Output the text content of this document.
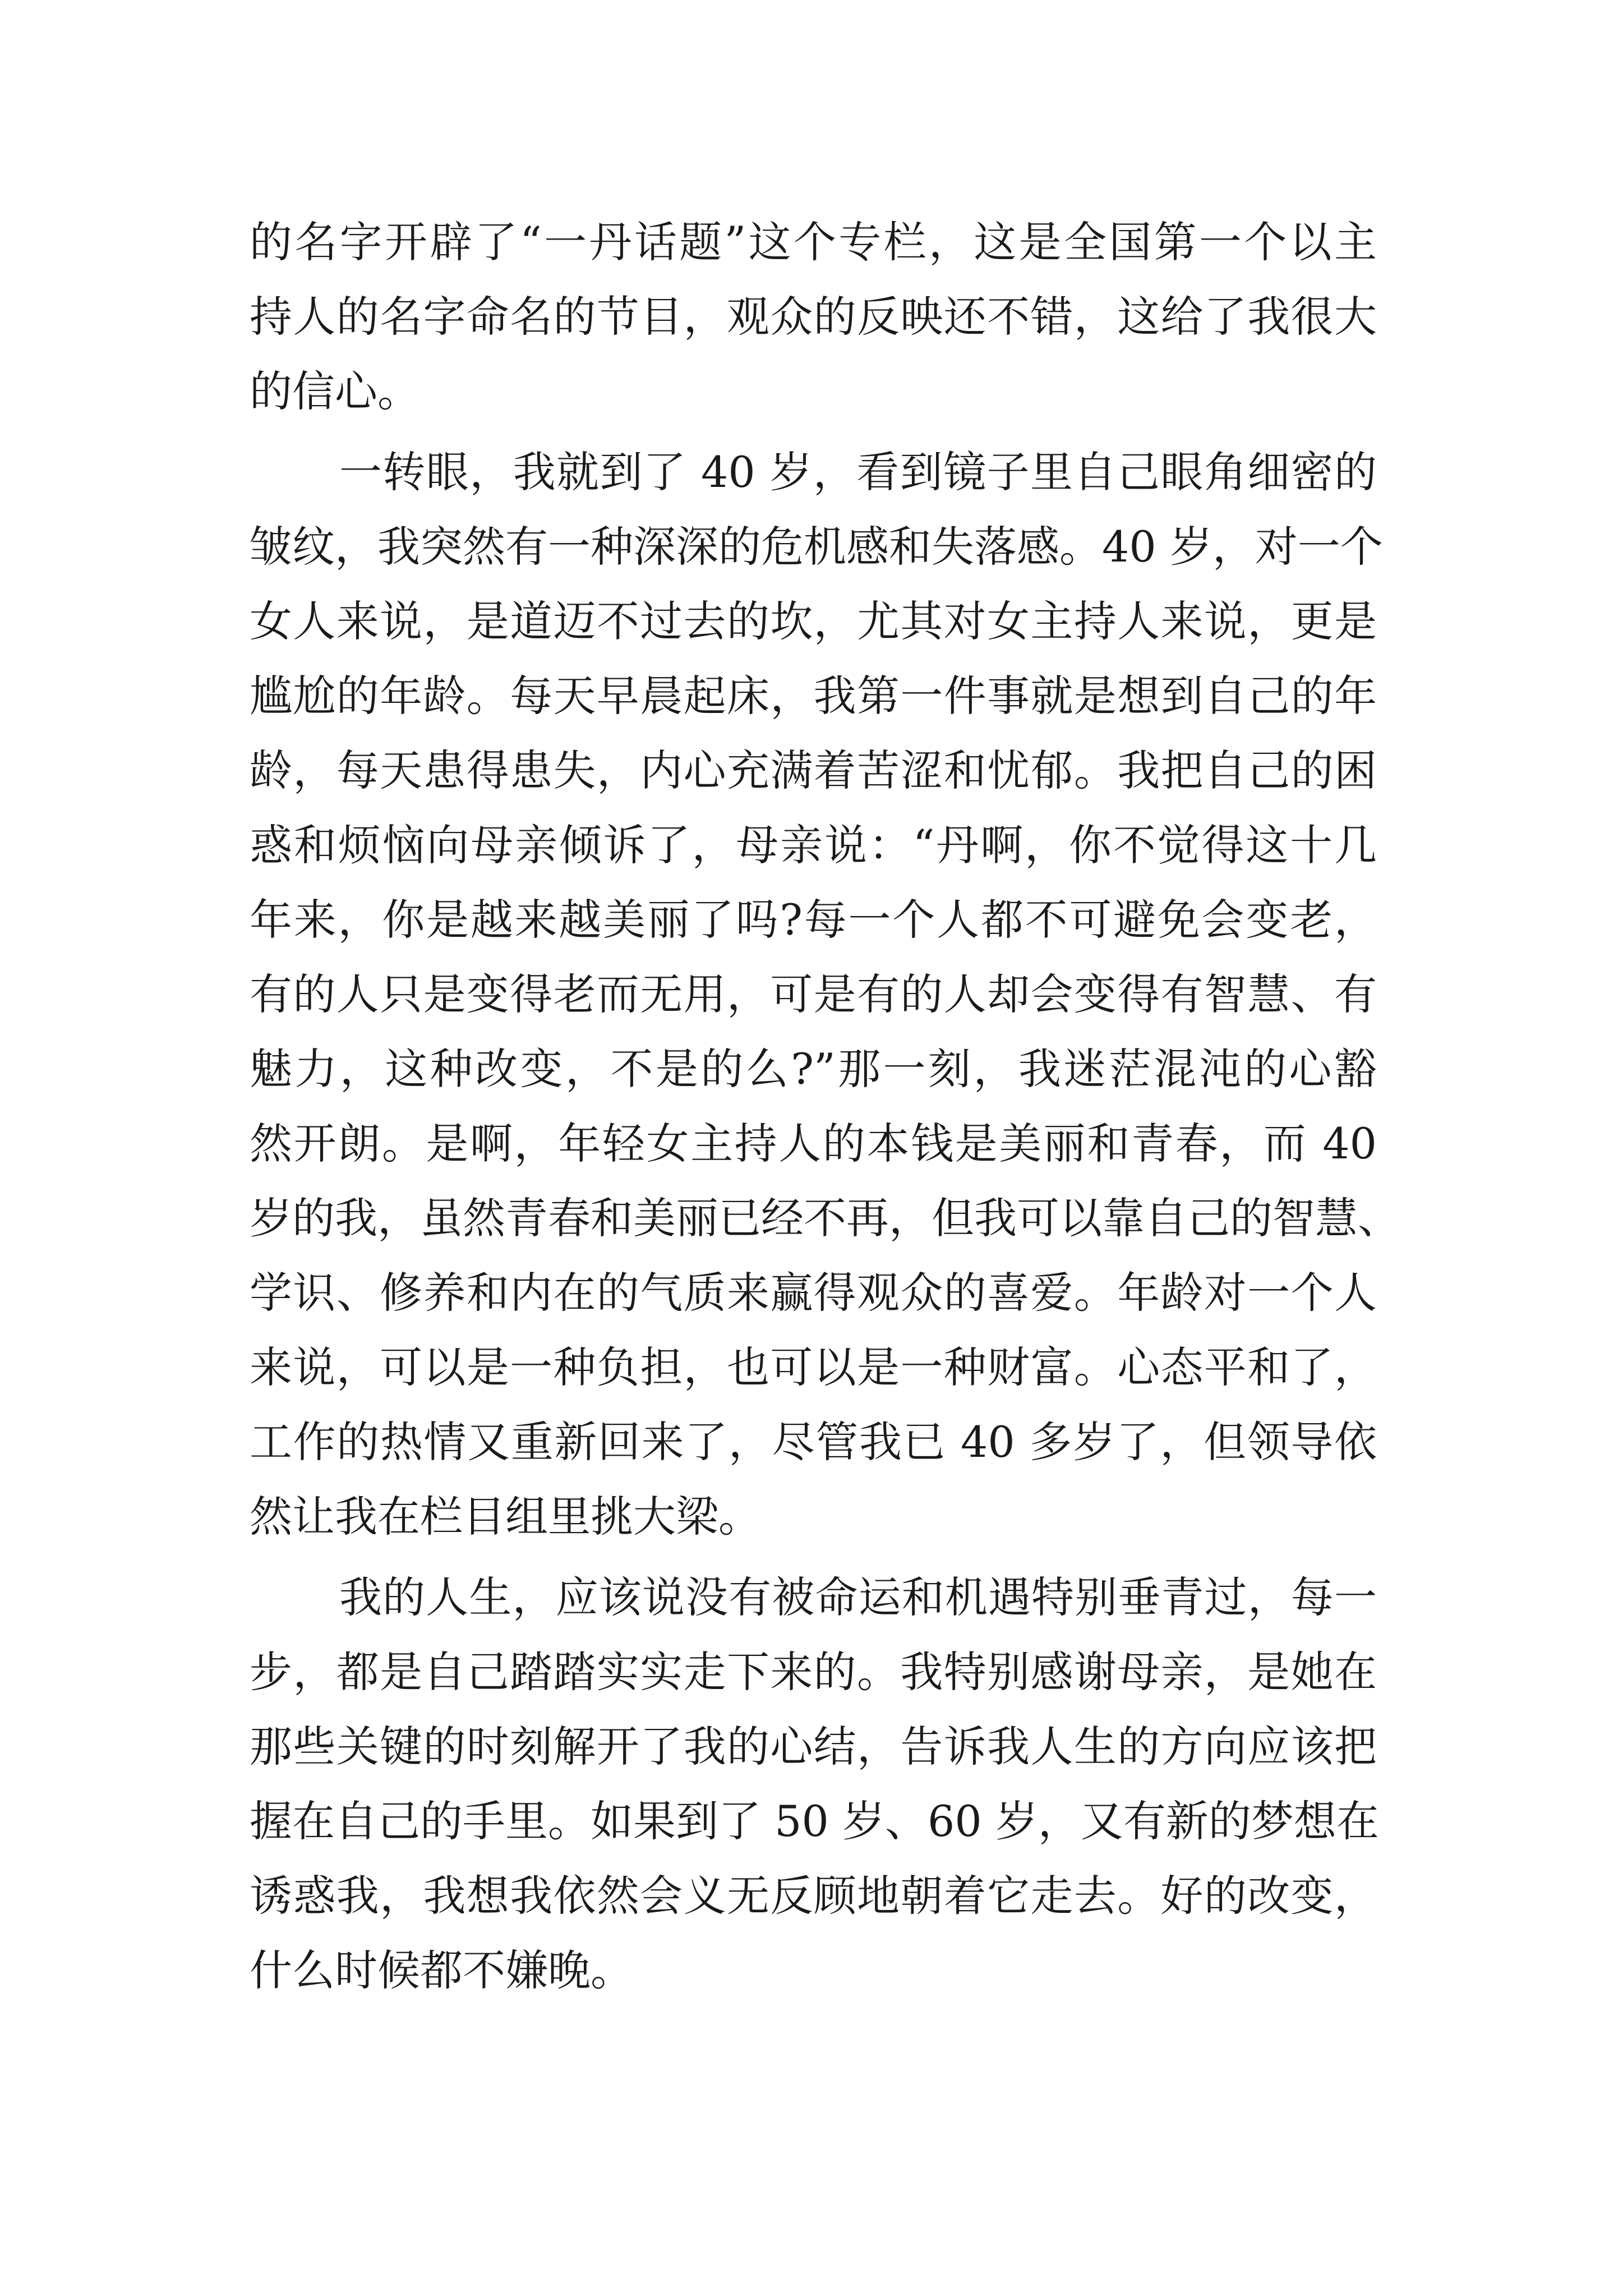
的名字开辟了“一丹话题”这个专栏，这是全国第一个以主
持人的名字命名的节目，观众的反映还不错，这给了我很大
的信心。
一转眼，我就到了 40 岁，看到镜子里自己眼角细密的
皱纹，我突然有一种深深的危机感和失落感。40 岁，对一个
女人来说，是道迈不过去的坎，尤其对女主持人来说，更是
尴尬的年龄。每天早晨起床，我第一件事就是想到自己的年
龄，每天患得患失，内心充满着苦涩和忧郁。我把自己的困
惑和烦恼向母亲倾诉了，母亲说：“丹啊，你不觉得这十几
年来，你是越来越美丽了吗?每一个人都不可避免会变老，
有的人只是变得老而无用，可是有的人却会变得有智慧、有
魅力，这种改变，不是的么?”那一刻，我迷茫混沌的心豁
然开朗。是啊，年轻女主持人的本钱是美丽和青春，而 40
岁的我，虽然青春和美丽已经不再，但我可以靠自己的智慧、
学识、修养和内在的气质来赢得观众的喜爱。年龄对一个人
来说，可以是一种负担，也可以是一种财富。心态平和了，
工作的热情又重新回来了，尽管我已 40 多岁了，但领导依
然让我在栏目组里挑大梁。
我的人生，应该说没有被命运和机遇特别垂青过，每一
步，都是自己踏踏实实走下来的。我特别感谢母亲，是她在
那些关键的时刻解开了我的心结，告诉我人生的方向应该把
握在自己的手里。如果到了 50 岁、60 岁，又有新的梦想在
诱惑我，我想我依然会义无反顾地朝着它走去。好的改变，
什么时候都不嫌晚。
